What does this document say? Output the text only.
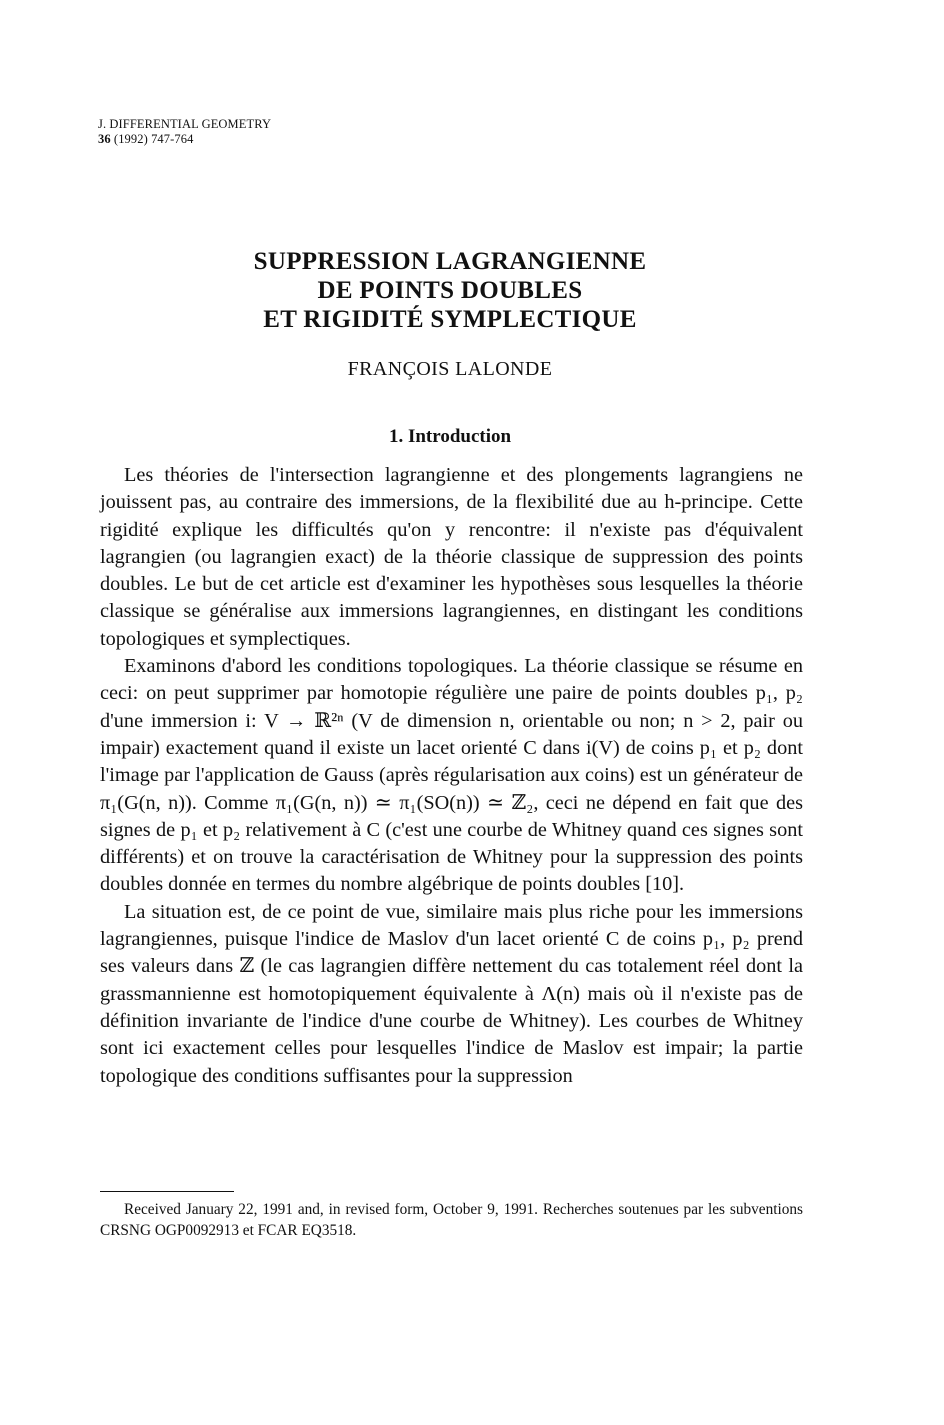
J. DIFFERENTIAL GEOMETRY
36 (1992) 747-764
SUPPRESSION LAGRANGIENNE
DE POINTS DOUBLES
ET RIGIDITÉ SYMPLECTIQUE
FRANÇOIS LALONDE
1. Introduction

Les théories de l'intersection lagrangienne et des plongements lagrangiens ne jouissent pas, au contraire des immersions, de la flexibilité due au h-principe. Cette rigidité explique les difficultés qu'on y rencontre: il n'existe pas d'équivalent lagrangien (ou lagrangien exact) de la théorie classique de suppression des points doubles. Le but de cet article est d'examiner les hypothèses sous lesquelles la théorie classique se généralise aux immersions lagrangiennes, en distingant les conditions topologiques et symplectiques.

Examinons d'abord les conditions topologiques. La théorie classique se résume en ceci: on peut supprimer par homotopie régulière une paire de points doubles p₁, p₂ d'une immersion i: V → ℝ²ⁿ (V de dimension n, orientable ou non; n > 2, pair ou impair) exactement quand il existe un lacet orienté C dans i(V) de coins p₁ et p₂ dont l'image par l'application de Gauss (après régularisation aux coins) est un générateur de π₁(G(n, n)). Comme π₁(G(n, n)) ≃ π₁(SO(n)) ≃ ℤ₂, ceci ne dépend en fait que des signes de p₁ et p₂ relativement à C (c'est une courbe de Whitney quand ces signes sont différents) et on trouve la caractérisation de Whitney pour la suppression des points doubles donnée en termes du nombre algébrique de points doubles [10].

La situation est, de ce point de vue, similaire mais plus riche pour les immersions lagrangiennes, puisque l'indice de Maslov d'un lacet orienté C de coins p₁, p₂ prend ses valeurs dans ℤ (le cas lagrangien diffère nettement du cas totalement réel dont la grassmannienne est homotopiquement équivalente à Λ(n) mais où il n'existe pas de définition invariante de l'indice d'une courbe de Whitney). Les courbes de Whitney sont ici exactement celles pour lesquelles l'indice de Maslov est impair; la partie topologique des conditions suffisantes pour la suppression

Received January 22, 1991 and, in revised form, October 9, 1991. Recherches soutenues par les subventions CRSNG OGP0092913 et FCAR EQ3518.
